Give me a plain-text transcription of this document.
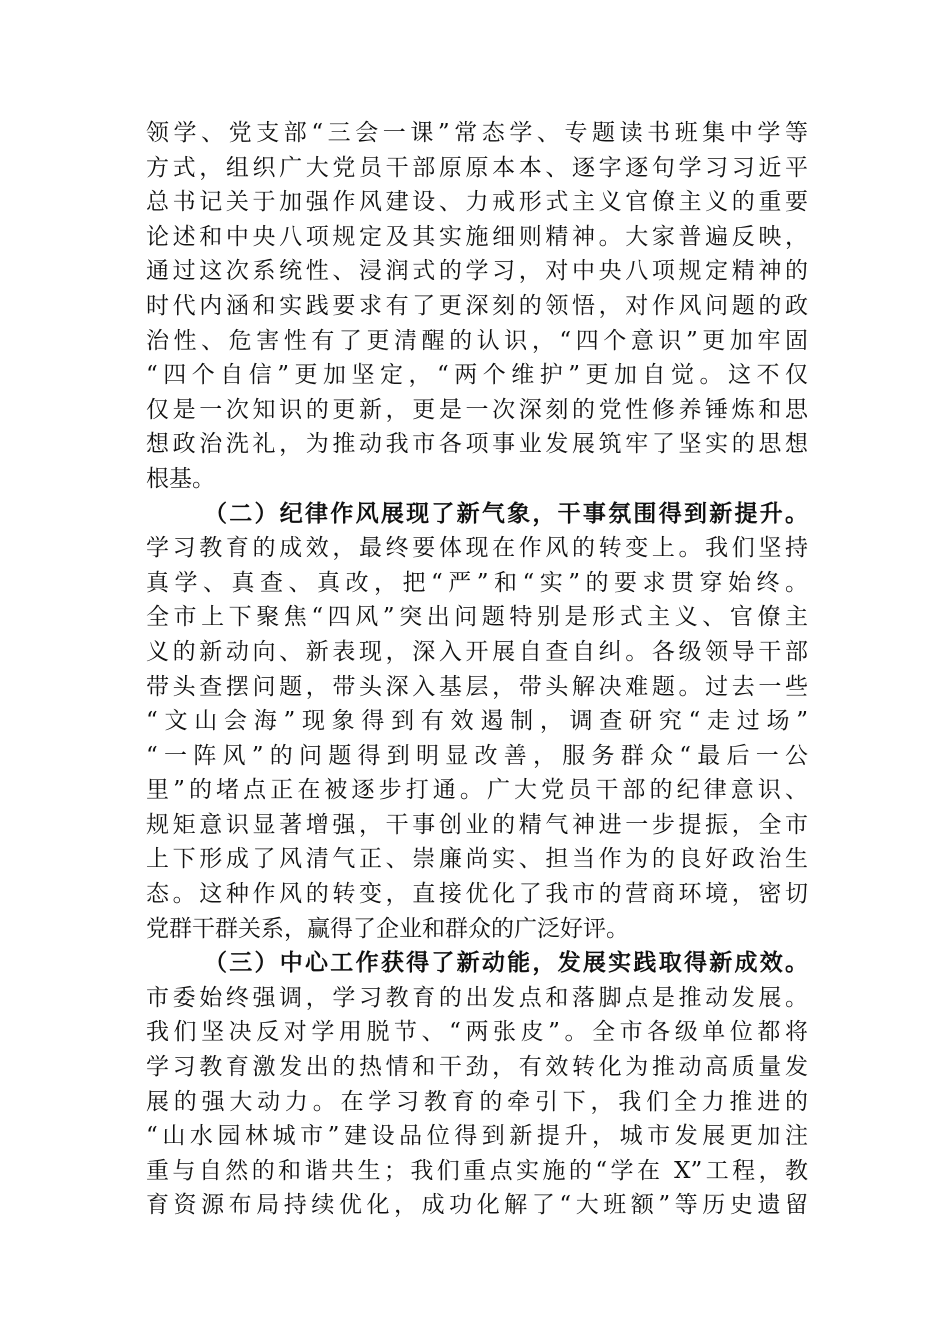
领学、党支部“三会一课”常态学、专题读书班集中学等
方式，组织广大党员干部原原本本、逐字逐句学习习近平
总书记关于加强作风建设、力戒形式主义官僚主义的重要
论述和中央八项规定及其实施细则精神。大家普遍反映，
通过这次系统性、浸润式的学习，对中央八项规定精神的
时代内涵和实践要求有了更深刻的领悟，对作风问题的政
治性、危害性有了更清醒的认识，“四个意识”更加牢固
“四个自信”更加坚定，“两个维护”更加自觉。这不仅
仅是一次知识的更新，更是一次深刻的党性修养锤炼和思
想政治洗礼，为推动我市各项事业发展筑牢了坚实的思想
根基。
（二）纪律作风展现了新气象，干事氛围得到新提升。
学习教育的成效，最终要体现在作风的转变上。我们坚持
真学、真查、真改，把“严”和“实”的要求贯穿始终。
全市上下聚焦“四风”突出问题特别是形式主义、官僚主
义的新动向、新表现，深入开展自查自纠。各级领导干部
带头查摆问题，带头深入基层，带头解决难题。过去一些
“文山会海”现象得到有效遏制，调查研究“走过场”
“一阵风”的问题得到明显改善，服务群众“最后一公
里”的堵点正在被逐步打通。广大党员干部的纪律意识、
规矩意识显著增强，干事创业的精气神进一步提振，全市
上下形成了风清气正、崇廉尚实、担当作为的良好政治生
态。这种作风的转变，直接优化了我市的营商环境，密切
党群干群关系，赢得了企业和群众的广泛好评。
（三）中心工作获得了新动能，发展实践取得新成效。
市委始终强调，学习教育的出发点和落脚点是推动发展。
我们坚决反对学用脱节、“两张皮”。全市各级单位都将
学习教育激发出的热情和干劲，有效转化为推动高质量发
展的强大动力。在学习教育的牵引下，我们全力推进的
“山水园林城市”建设品位得到新提升，城市发展更加注
重与自然的和谐共生；我们重点实施的“学在 X”工程，教
育资源布局持续优化，成功化解了“大班额”等历史遗留
